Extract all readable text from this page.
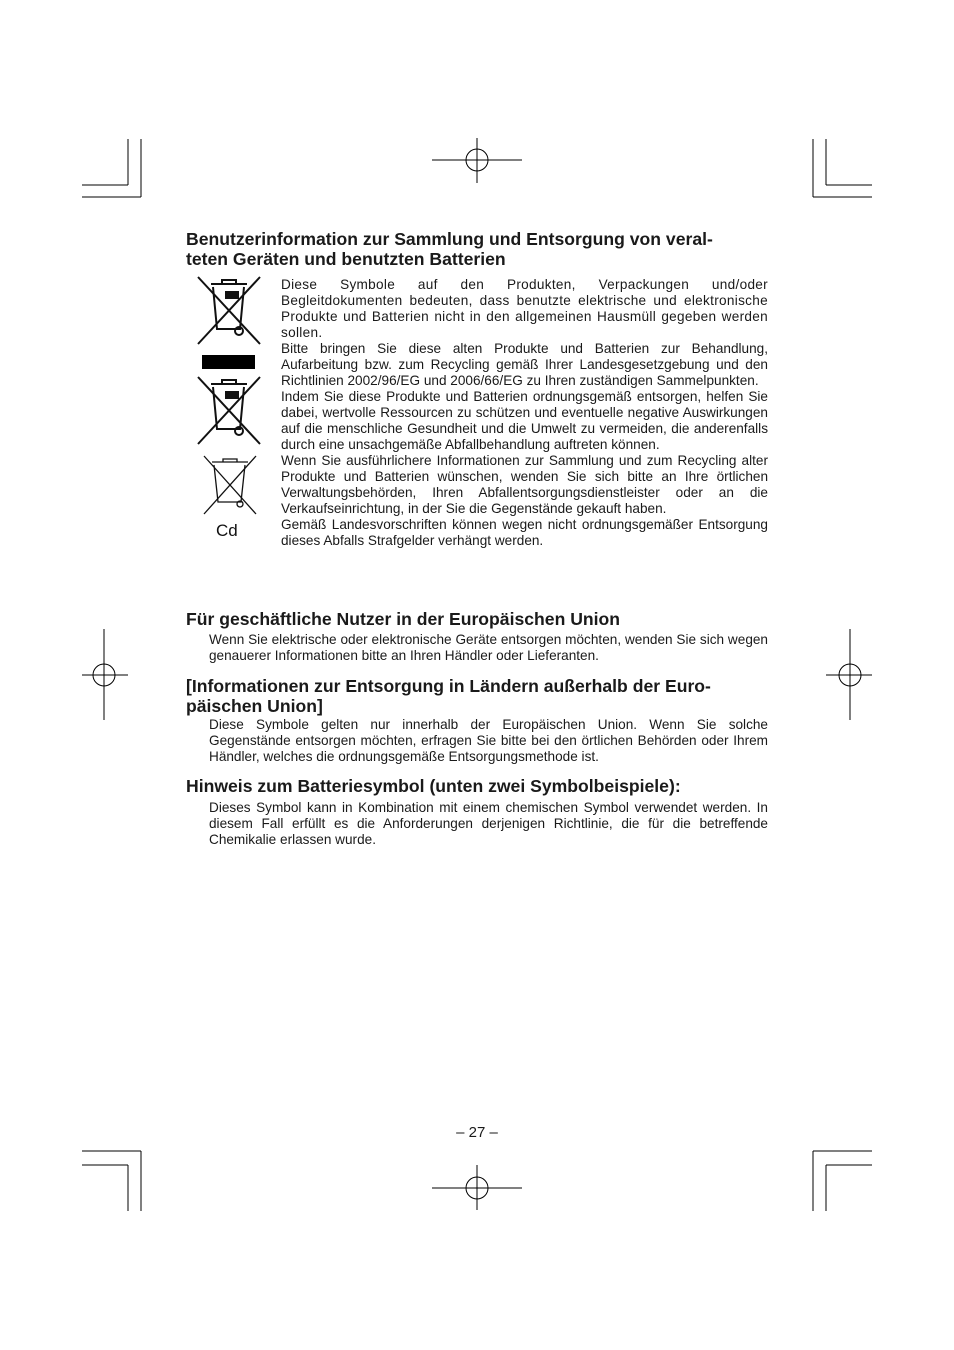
Benutzerinformation zur Sammlung und Entsorgung von veral-
teten Geräten und benutzten Batterien
Cd
Diese Symbole auf den Produkten, Verpackungen und/oder Begleitdokumenten bedeuten, dass benutzte elektrische und elektronische Produkte und Batterien nicht in den allgemeinen Hausmüll gegeben werden sollen.
Bitte bringen Sie diese alten Produkte und Batterien zur Behandlung, Aufarbeitung bzw. zum Recycling gemäß Ihrer Landesgesetzgebung und den Richtlinien 2002/96/EG und 2006/66/EG zu Ihren zuständigen Sammelpunkten.
Indem Sie diese Produkte und Batterien ordnungsgemäß entsorgen, helfen Sie dabei, wertvolle Ressourcen zu schützen und eventuelle negative Auswirkungen auf die menschliche Gesundheit und die Umwelt zu vermeiden, die anderenfalls durch eine unsachgemäße Abfallbehandlung auftreten können.
Wenn Sie ausführlichere Informationen zur Sammlung und zum Recycling alter Produkte und Batterien wünschen, wenden Sie sich bitte an Ihre örtlichen Verwaltungsbehörden, Ihren Abfallentsorgungsdienstleister oder an die Verkaufseinrichtung, in der Sie die Gegenstände gekauft haben.
Gemäß Landesvorschriften können wegen nicht ordnungsgemäßer Entsorgung dieses Abfalls Strafgelder verhängt werden.
Für geschäftliche Nutzer in der Europäischen Union

Wenn Sie elektrische oder elektronische Geräte entsorgen möchten, wenden Sie sich wegen genauerer Informationen bitte an Ihren Händler oder Lieferanten.

[Informationen zur Entsorgung in Ländern außerhalb der Euro-
päischen Union]

Diese Symbole gelten nur innerhalb der Europäischen Union. Wenn Sie solche Gegenstände entsorgen möchten, erfragen Sie bitte bei den örtlichen Behörden oder Ihrem Händler, welches die ordnungsgemäße Entsorgungsmethode ist.

Hinweis zum Batteriesymbol (unten zwei Symbolbeispiele):

Dieses Symbol kann in Kombination mit einem chemischen Symbol verwendet werden. In diesem Fall erfüllt es die Anforderungen derjenigen Richtlinie, die für die betreffende Chemikalie erlassen wurde.

– 27 –
